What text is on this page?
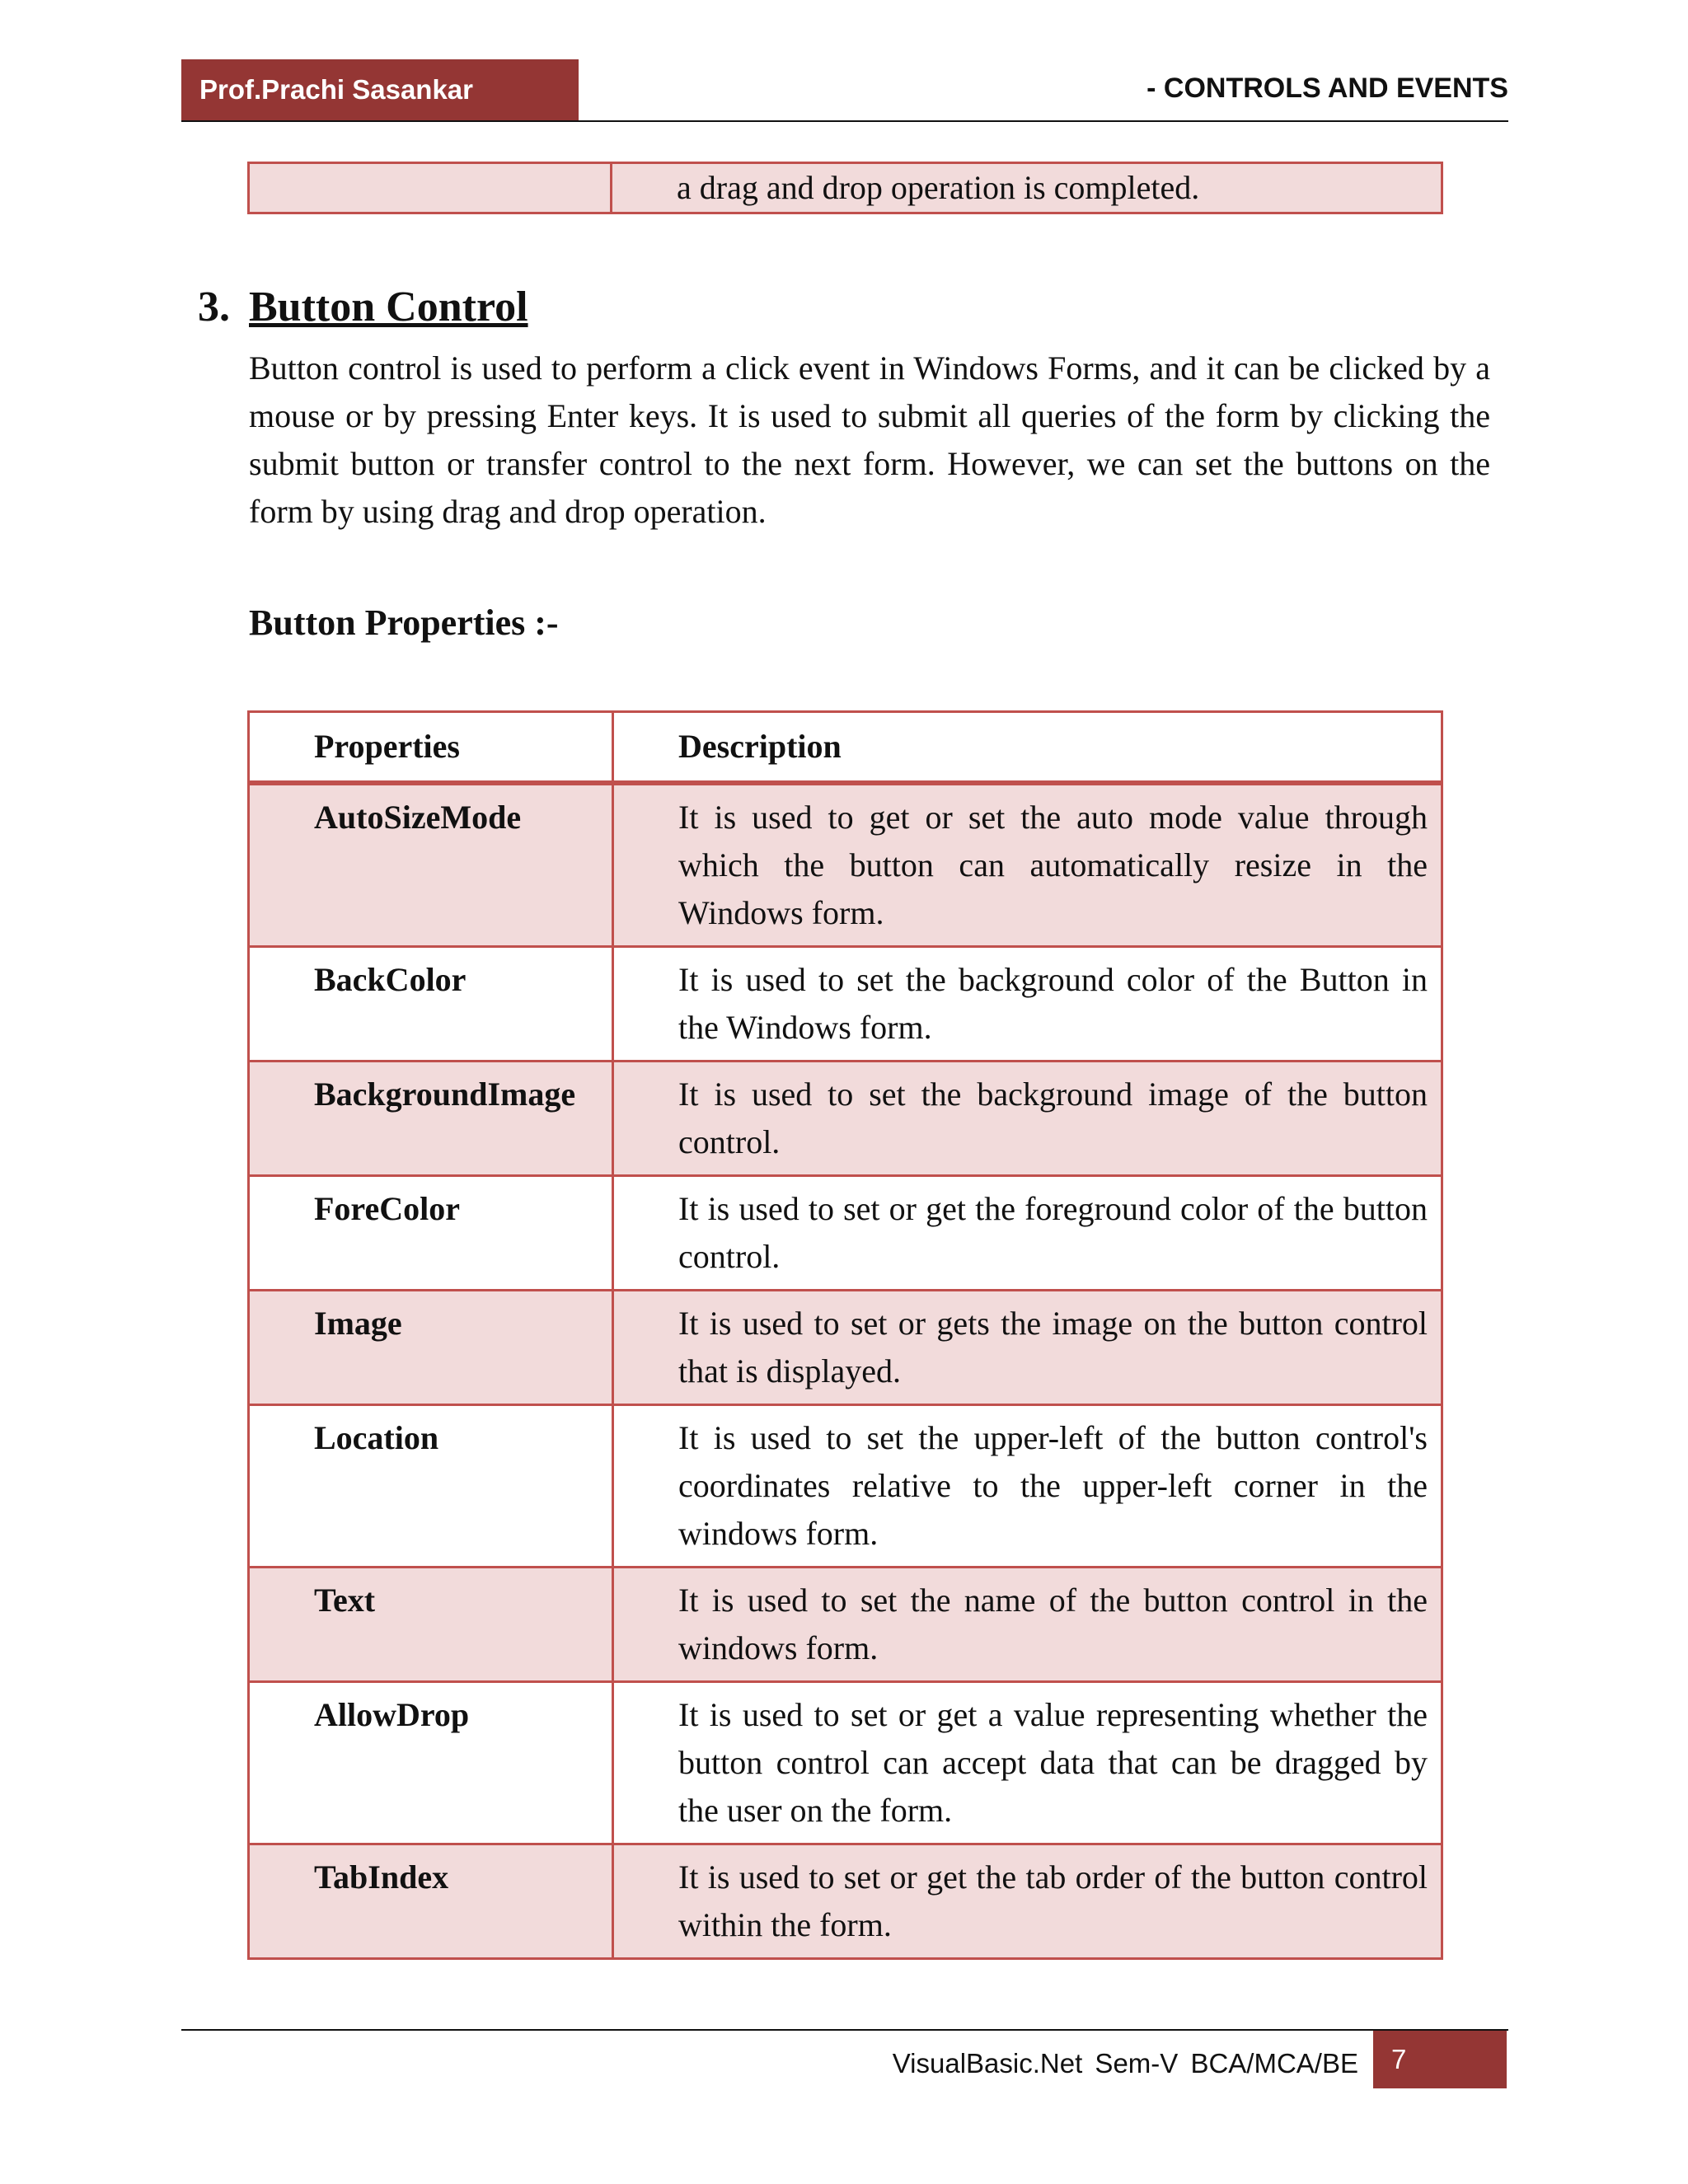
Prof.Prachi Sasankar	- CONTROLS AND EVENTS
	a drag and drop operation is completed.
3. Button Control

Button control is used to perform a click event in Windows Forms, and it can be clicked by a mouse or by pressing Enter keys. It is used to submit all queries of the form by clicking the submit button or transfer control to the next form. However, we can set the buttons on the form by using drag and drop operation.

Button Properties :-
Properties	Description
AutoSizeMode	It is used to get or set the auto mode value through which the button can automatically resize in the Windows form.
BackColor	It is used to set the background color of the Button in the Windows form.
BackgroundImage	It is used to set the background image of the button control.
ForeColor	It is used to set or get the foreground color of the button control.
Image	It is used to set or gets the image on the button control that is displayed.
Location	It is used to set the upper-left of the button control's coordinates relative to the upper-left corner in the windows form.
Text	It is used to set the name of the button control in the windows form.
AllowDrop	It is used to set or get a value representing whether the button control can accept data that can be dragged by the user on the form.
TabIndex	It is used to set or get the tab order of the button control within the form.
VisualBasic.Net Sem-V BCA/MCA/BE	7
